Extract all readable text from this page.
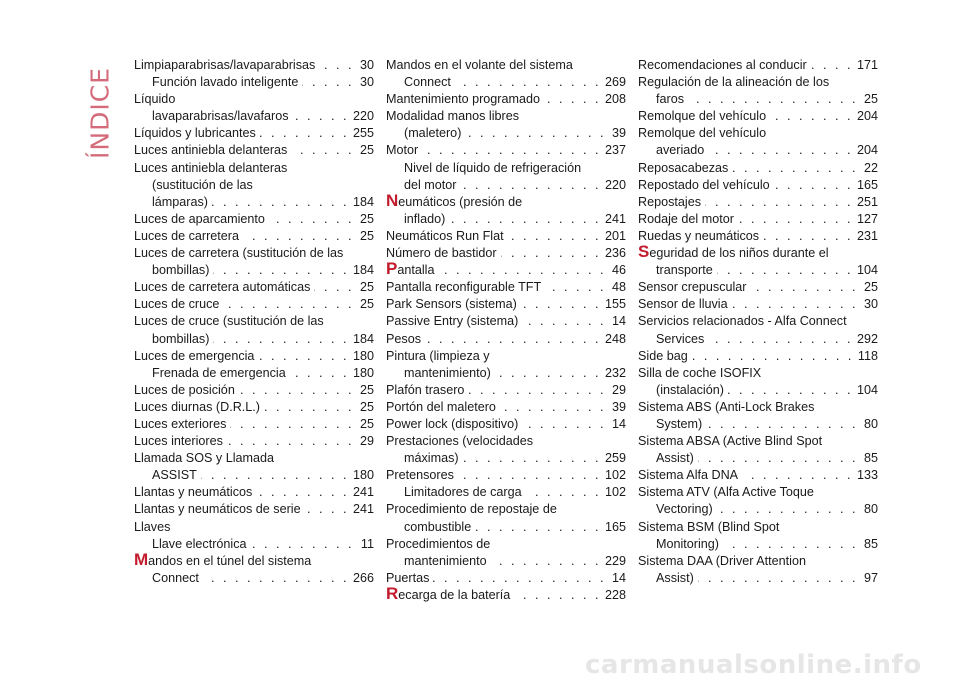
ÍNDICE
Limpiaparabrisas/lavaparabrisas . . .	30
Función lavado inteligente . . .	30
Líquido
lavaparabrisas/lavafaros . . .	220
Líquidos y lubricantes . . .	255
Luces antiniebla delanteras . . .	25
Luces antiniebla delanteras
(sustitución de las
lámparas) . . .	184
Luces de aparcamiento . . .	25
Luces de carretera . . .	25
Luces de carretera (sustitución de las
bombillas) . . .	184
Luces de carretera automáticas . . .	25
Luces de cruce . . .	25
Luces de cruce (sustitución de las
bombillas) . . .	184
Luces de emergencia . . .	180
Frenada de emergencia . . .	180
Luces de posición . . .	25
Luces diurnas (D.R.L.) . . .	25
Luces exteriores . . .	25
Luces interiores . . .	29
Llamada SOS y Llamada
ASSIST . . .	180
Llantas y neumáticos . . .	241
Llantas y neumáticos de serie . . .	241
Llaves
Llave electrónica . . .	11
Mandos en el túnel del sistema
Connect . . .	266
Mandos en el volante del sistema
Connect . . .	269
Mantenimiento programado . . .	208
Modalidad manos libres
(maletero) . . .	39
Motor . . .	237
Nivel de líquido de refrigeración
del motor . . .	220
Neumáticos (presión de
inflado) . . .	241
Neumáticos Run Flat . . .	201
Número de bastidor . . .	236
Pantalla . . .	46
Pantalla reconfigurable TFT . . .	48
Park Sensors (sistema) . . .	155
Passive Entry (sistema) . . .	14
Pesos . . .	248
Pintura (limpieza y
mantenimiento) . . .	232
Plafón trasero . . .	29
Portón del maletero . . .	39
Power lock (dispositivo) . . .	14
Prestaciones (velocidades
máximas) . . .	259
Pretensores . . .	102
Limitadores de carga . . .	102
Procedimiento de repostaje de
combustible . . .	165
Procedimientos de
mantenimiento . . .	229
Puertas . . .	14
Recarga de la batería . . .	228
Recomendaciones al conducir . . .	171
Regulación de la alineación de los
faros . . .	25
Remolque del vehículo . . .	204
Remolque del vehículo
averiado . . .	204
Reposacabezas . . .	22
Repostado del vehículo . . .	165
Repostajes . . .	251
Rodaje del motor . . .	127
Ruedas y neumáticos . . .	231
Seguridad de los niños durante el
transporte . . .	104
Sensor crepuscular . . .	25
Sensor de lluvia . . .	30
Servicios relacionados - Alfa Connect
Services . . .	292
Side bag . . .	118
Silla de coche ISOFIX
(instalación) . . .	104
Sistema ABS (Anti-Lock Brakes
System) . . .	80
Sistema ABSA (Active Blind Spot
Assist) . . .	85
Sistema Alfa DNA . . .	133
Sistema ATV (Alfa Active Toque
Vectoring) . . .	80
Sistema BSM (Blind Spot
Monitoring) . . .	85
Sistema DAA (Driver Attention
Assist) . . .	97
carmanualsonline.info
